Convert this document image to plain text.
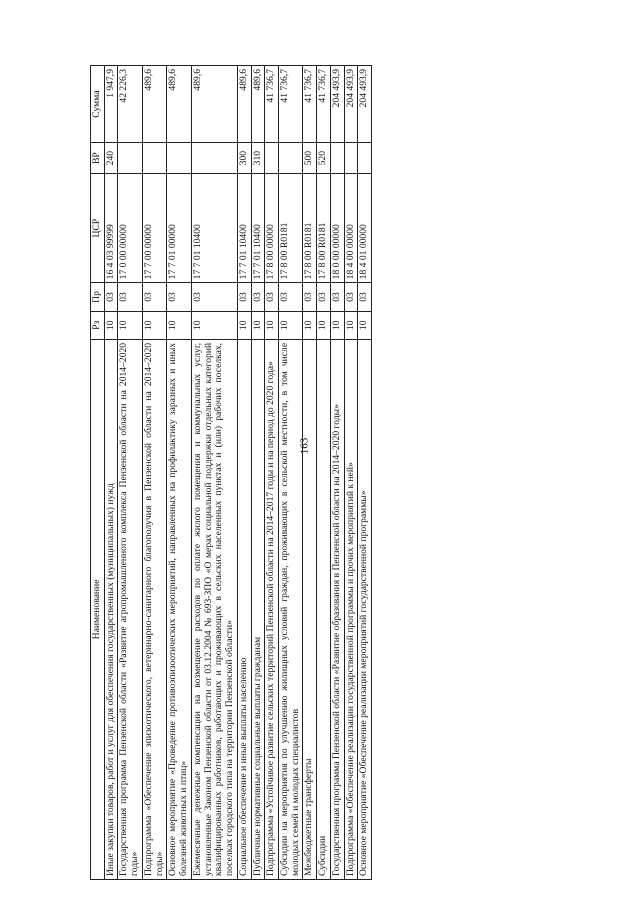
163
Наименование	Рз	Пр	ЦСР	ВР	Сумма
Иные закупки товаров, работ и услуг для обеспечения государственных (муниципальных) нужд	10	03	16 4 03 99999	240	1 947,9
Государственная программа Пензенской области «Развитие агропромышленного комплекса Пензенской области на 2014–2020 годы»	10	03	17 0 00 00000		42 226,3
Подпрограмма «Обеспечение эпизоотического, ветеринарно-санитарного благополучия в Пензенской области на 2014–2020 годы»	10	03	17 7 00 00000		489,6
Основное мероприятие «Проведение противоэпизоотических мероприятий, направленных на профилактику заразных и иных болезней животных и птиц»	10	03	17 7 01 00000		489,6
Ежемесячные денежные компенсации на возмещение расходов по оплате жилого помещения и коммунальных услуг, установленные Законом Пензенской области от 03.12.2004 № 693-ЗПО «О мерах социальной поддержки отдельных категорий квалифицированных работников, работающих и проживающих в сельских населенных пунктах и (или) рабочих поселках, поселках городского типа на территории Пензенской области»	10	03	17 7 01 10400		489,6
Социальное обеспечение и иные выплаты населению	10	03	17 7 01 10400	300	489,6
Публичные нормативные социальные выплаты гражданам	10	03	17 7 01 10400	310	489,6
Подпрограмма «Устойчивое развитие сельских территорий Пензенской области на 2014–2017 годы и на период до 2020 года»	10	03	17 8 00 00000		41 736,7
Субсидии на мероприятия по улучшению жилищных условий граждан, проживающих в сельской местности, в том числе молодых семей и молодых специалистов	10	03	17 8 00 R0181		41 736,7
Межбюджетные трансферты	10	03	17 8 00 R0181	500	41 736,7
Субсидии	10	03	17 8 00 R0181	520	41 736,7
Государственная программа Пензенской области «Развитие образования в Пензенской области на 2014–2020 годы»	10	03	18 0 00 00000		204 493,9
Подпрограмма «Обеспечение реализации государственной программы и прочих мероприятий к ней»	10	03	18 4 00 00000		204 493,9
Основное мероприятие «Обеспечение реализации мероприятий государственной программы»	10	03	18 4 01 00000		204 493,9
